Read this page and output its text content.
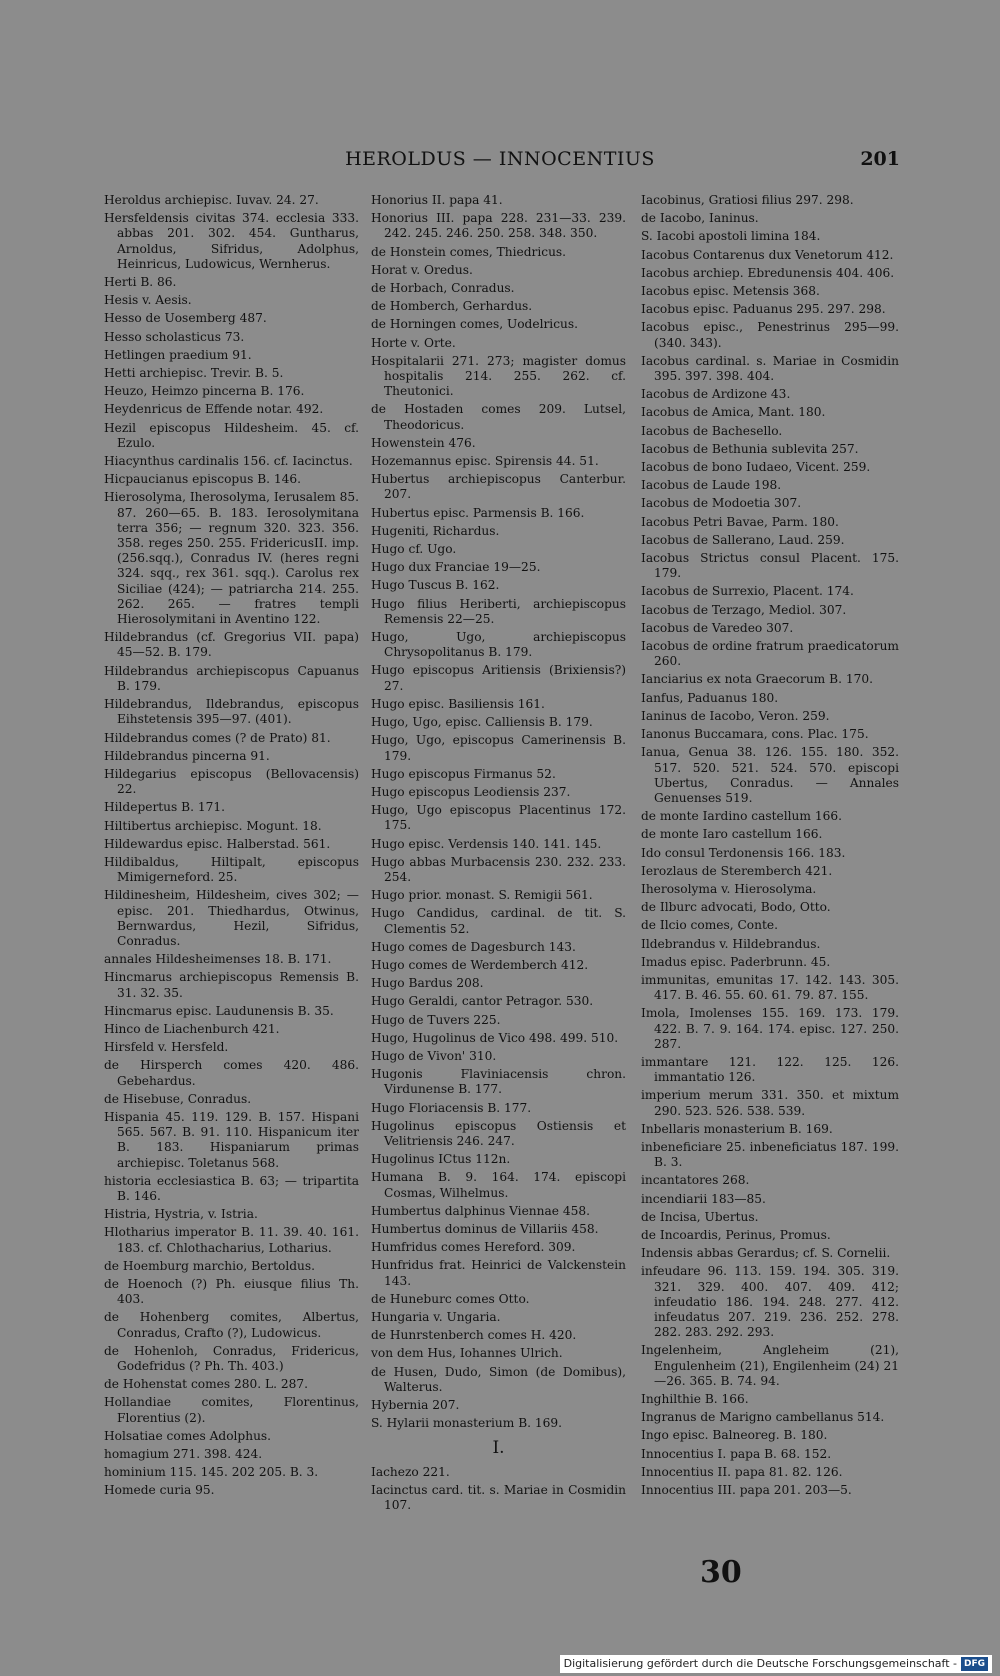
HEROLDUS — INNOCENTIUS	201
Heroldus archiepisc. Iuvav. 24. 27.
Hersfeldensis civitas 374. ecclesia 333. abbas 201. 302. 454. Guntharus, Arnoldus, Sifridus, Adolphus, Heinricus, Ludowicus, Wernherus.
Herti B. 86.
Hesis v. Aesis.
Hesso de Uosemberg 487.
Hesso scholasticus 73.
Hetlingen praedium 91.
Hetti archiepisc. Trevir. B. 5.
Heuzo, Heimzo pincerna B. 176.
Heydenricus de Effende notar. 492.
Hezil episcopus Hildesheim. 45. cf. Ezulo.
Hiacynthus cardinalis 156. cf. Iacinctus.
Hicpaucianus episcopus B. 146.
Hierosolyma, Iherosolyma, Ierusalem 85. 87. 260—65. B. 183. Ierosolymitana terra 356; — regnum 320. 323. 356. 358. reges 250. 255. FridericusII. imp.(256.sqq.), Conradus IV. (heres regni 324. sqq., rex 361. sqq.). Carolus rex Siciliae (424); — patriarcha 214. 255. 262. 265. — fratres templi Hierosolymitani in Aventino 122.
Hildebrandus (cf. Gregorius VII. papa) 45—52. B. 179.
Hildebrandus archiepiscopus Capuanus B. 179.
Hildebrandus, Ildebrandus, episcopus Eihstetensis 395—97. (401).
Hildebrandus comes (? de Prato) 81.
Hildebrandus pincerna 91.
Hildegarius episcopus (Bellovacensis) 22.
Hildepertus B. 171.
Hiltibertus archiepisc. Mogunt. 18.
Hildewardus episc. Halberstad. 561.
Hildibaldus, Hiltipalt, episcopus Mimigerneford. 25.
Hildinesheim, Hildesheim, cives 302; — episc. 201. Thiedhardus, Otwinus, Bernwardus, Hezil, Sifridus, Conradus.
annales Hildesheimenses 18. B. 171.
Hincmarus archiepiscopus Remensis B. 31. 32. 35.
Hincmarus episc. Laudunensis B. 35.
Hinco de Liachenburch 421.
Hirsfeld v. Hersfeld.
de Hirsperch comes 420. 486. Gebehardus.
de Hisebuse, Conradus.
Hispania 45. 119. 129. B. 157. Hispani 565. 567. B. 91. 110. Hispanicum iter B. 183. Hispaniarum primas archiepisc. Toletanus 568.
historia ecclesiastica B. 63; — tripartita B. 146.
Histria, Hystria, v. Istria.
Hlotharius imperator B. 11. 39. 40. 161. 183. cf. Chlothacharius, Lotharius.
de Hoemburg marchio, Bertoldus.
de Hoenoch (?) Ph. eiusque filius Th. 403.
de Hohenberg comites, Albertus, Conradus, Crafto (?), Ludowicus.
de Hohenloh, Conradus, Fridericus, Godefridus (? Ph. Th. 403.)
de Hohenstat comes 280. L. 287.
Hollandiae comites, Florentinus, Florentius (2).
Holsatiae comes Adolphus.
homagium 271. 398. 424.
hominium 115. 145. 202 205. B. 3.
Homede curia 95.
Honorius II. papa 41.
Honorius III. papa 228. 231—33. 239. 242. 245. 246. 250. 258. 348. 350.
de Honstein comes, Thiedricus.
Horat v. Oredus.
de Horbach, Conradus.
de Homberch, Gerhardus.
de Horningen comes, Uodelricus.
Horte v. Orte.
Hospitalarii 271. 273; magister domus hospitalis 214. 255. 262. cf. Theutonici.
de Hostaden comes 209. Lutsel, Theodoricus.
Howenstein 476.
Hozemannus episc. Spirensis 44. 51.
Hubertus archiepiscopus Canterbur. 207.
Hubertus episc. Parmensis B. 166.
Hugeniti, Richardus.
Hugo cf. Ugo.
Hugo dux Franciae 19—25.
Hugo Tuscus B. 162.
Hugo filius Heriberti, archiepiscopus Remensis 22—25.
Hugo, Ugo, archiepiscopus Chrysopolitanus B. 179.
Hugo episcopus Aritiensis (Brixiensis?) 27.
Hugo episc. Basiliensis 161.
Hugo, Ugo, episc. Calliensis B. 179.
Hugo, Ugo, episcopus Camerinensis B. 179.
Hugo episcopus Firmanus 52.
Hugo episcopus Leodiensis 237.
Hugo, Ugo episcopus Placentinus 172. 175.
Hugo episc. Verdensis 140. 141. 145.
Hugo abbas Murbacensis 230. 232. 233. 254.
Hugo prior. monast. S. Remigii 561.
Hugo Candidus, cardinal. de tit. S. Clementis 52.
Hugo comes de Dagesburch 143.
Hugo comes de Werdemberch 412.
Hugo Bardus 208.
Hugo Geraldi, cantor Petragor. 530.
Hugo de Tuvers 225.
Hugo, Hugolinus de Vico 498. 499. 510.
Hugo de Vivon' 310.
Hugonis Flaviniacensis chron. Virdunense B. 177.
Hugo Floriacensis B. 177.
Hugolinus episcopus Ostiensis et Velitriensis 246. 247.
Hugolinus ICtus 112n.
Humana B. 9. 164. 174. episcopi Cosmas, Wilhelmus.
Humbertus dalphinus Viennae 458.
Humbertus dominus de Villariis 458.
Humfridus comes Hereford. 309.
Hunfridus frat. Heinrici de Valckenstein 143.
de Huneburc comes Otto.
Hungaria v. Ungaria.
de Hunrstenberch comes H. 420.
von dem Hus, Iohannes Ulrich.
de Husen, Dudo, Simon (de Domibus), Walterus.
Hybernia 207.
S. Hylarii monasterium B. 169.
I.
Iachezo 221.
Iacinctus card. tit. s. Mariae in Cosmidin 107.
Iacobinus, Gratiosi filius 297. 298.
de Iacobo, Ianinus.
S. Iacobi apostoli limina 184.
Iacobus Contarenus dux Venetorum 412.
Iacobus archiep. Ebredunensis 404. 406.
Iacobus episc. Metensis 368.
Iacobus episc. Paduanus 295. 297. 298.
Iacobus episc., Penestrinus 295—99. (340. 343).
Iacobus cardinal. s. Mariae in Cosmidin 395. 397. 398. 404.
Iacobus de Ardizone 43.
Iacobus de Amica, Mant. 180.
Iacobus de Bachesello.
Iacobus de Bethunia sublevita 257.
Iacobus de bono Iudaeo, Vicent. 259.
Iacobus de Laude 198.
Iacobus de Modoetia 307.
Iacobus Petri Bavae, Parm. 180.
Iacobus de Sallerano, Laud. 259.
Iacobus Strictus consul Placent. 175. 179.
Iacobus de Surrexio, Placent. 174.
Iacobus de Terzago, Mediol. 307.
Iacobus de Varedeo 307.
Iacobus de ordine fratrum praedicatorum 260.
Ianciarius ex nota Graecorum B. 170.
Ianfus, Paduanus 180.
Ianinus de Iacobo, Veron. 259.
Ianonus Buccamara, cons. Plac. 175.
Ianua, Genua 38. 126. 155. 180. 352. 517. 520. 521. 524. 570. episcopi Ubertus, Conradus. — Annales Genuenses 519.
de monte Iardino castellum 166.
de monte Iaro castellum 166.
Ido consul Terdonensis 166. 183.
Ierozlaus de Steremberch 421.
Iherosolyma v. Hierosolyma.
de Ilburc advocati, Bodo, Otto.
de Ilcio comes, Conte.
Ildebrandus v. Hildebrandus.
Imadus episc. Paderbrunn. 45.
immunitas, emunitas 17. 142. 143. 305. 417. B. 46. 55. 60. 61. 79. 87. 155.
Imola, Imolenses 155. 169. 173. 179. 422. B. 7. 9. 164. 174. episc. 127. 250. 287.
immantare 121. 122. 125. 126. immantatio 126.
imperium merum 331. 350. et mixtum 290. 523. 526. 538. 539.
Inbellaris monasterium B. 169.
inbeneficiare 25. inbeneficiatus 187. 199. B. 3.
incantatores 268.
incendiarii 183—85.
de Incisa, Ubertus.
de Incoardis, Perinus, Promus.
Indensis abbas Gerardus; cf. S. Cornelii.
infeudare 96. 113. 159. 194. 305. 319. 321. 329. 400. 407. 409. 412; infeudatio 186. 194. 248. 277. 412. infeudatus 207. 219. 236. 252. 278. 282. 283. 292. 293.
Ingelenheim, Angleheim (21), Engulenheim (21), Engilenheim (24) 21—26. 365. B. 74. 94.
Inghilthie B. 166.
Ingranus de Marigno cambellanus 514.
Ingo episc. Balneoreg. B. 180.
Innocentius I. papa B. 68. 152.
Innocentius II. papa 81. 82. 126.
Innocentius III. papa 201. 203—5.
30
Digitalisierung gefördert durch die Deutsche Forschungsgemeinschaft - DFG
